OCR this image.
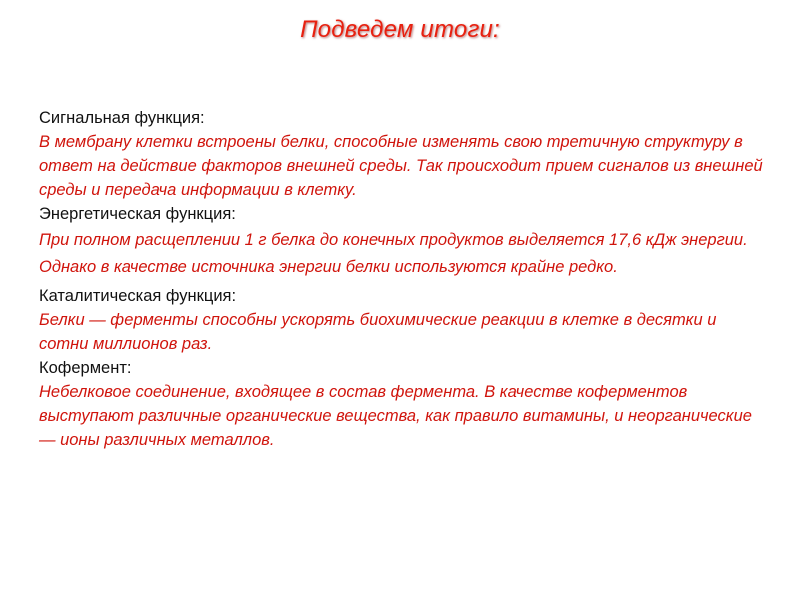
Подведем итоги:

Сигнальная функция:

В мембрану клетки встроены белки, способные изменять свою третичную структуру в ответ на действие факторов внешней среды. Так происходит прием сигналов из внешней среды и передача информации в клетку.

Энергетическая функция:

При полном расщеплении 1 г белка до конечных продуктов выделяется 17,6 кДж энергии. Однако в качестве источника энергии белки используются крайне редко.

Каталитическая функция:

Белки — ферменты способны ускорять биохимические реакции в клетке в десятки и сотни миллионов раз.

Кофермент:

Небелковое соединение, входящее в состав фермента. В качестве коферментов выступают различные органические вещества, как правило витамины, и неорганические — ионы различных металлов.
